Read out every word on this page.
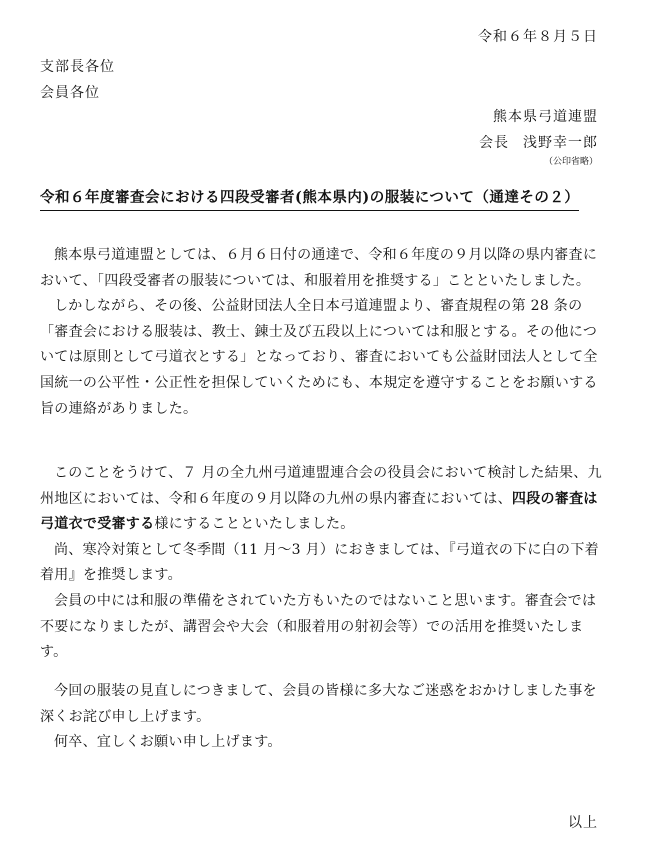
令和６年８月５日
支部長各位
会員各位
熊本県弓道連盟
会長 浅野幸一郎
（公印省略）
令和６年度審査会における四段受審者(熊本県内)の服装について（通達その２）

熊本県弓道連盟としては、６月６日付の通達で、令和６年度の９月以降の県内審査において、「四段受審者の服装については、和服着用を推奨する」ことといたしました。

しかしながら、その後、公益財団法人全日本弓道連盟より、審査規程の第 28 条の「審査会における服装は、教士、錬士及び五段以上については和服とする。その他については原則として弓道衣とする」となっており、審査においても公益財団法人として全国統一の公平性・公正性を担保していくためにも、本規定を遵守することをお願いする旨の連絡がありました。

このことをうけて、７ 月の全九州弓道連盟連合会の役員会において検討した結果、九州地区においては、令和６年度の９月以降の九州の県内審査においては、四段の審査は弓道衣で受審する様にすることといたしました。

尚、寒冷対策として冬季間（11 月～3 月）におきましては、『弓道衣の下に白の下着着用』を推奨します。

会員の中には和服の準備をされていた方もいたのではないこと思います。審査会では不要になりましたが、講習会や大会（和服着用の射初会等）での活用を推奨いたします。

今回の服装の見直しにつきまして、会員の皆様に多大なご迷惑をおかけしました事を深くお詫び申し上げます。

何卒、宜しくお願い申し上げます。

以上
